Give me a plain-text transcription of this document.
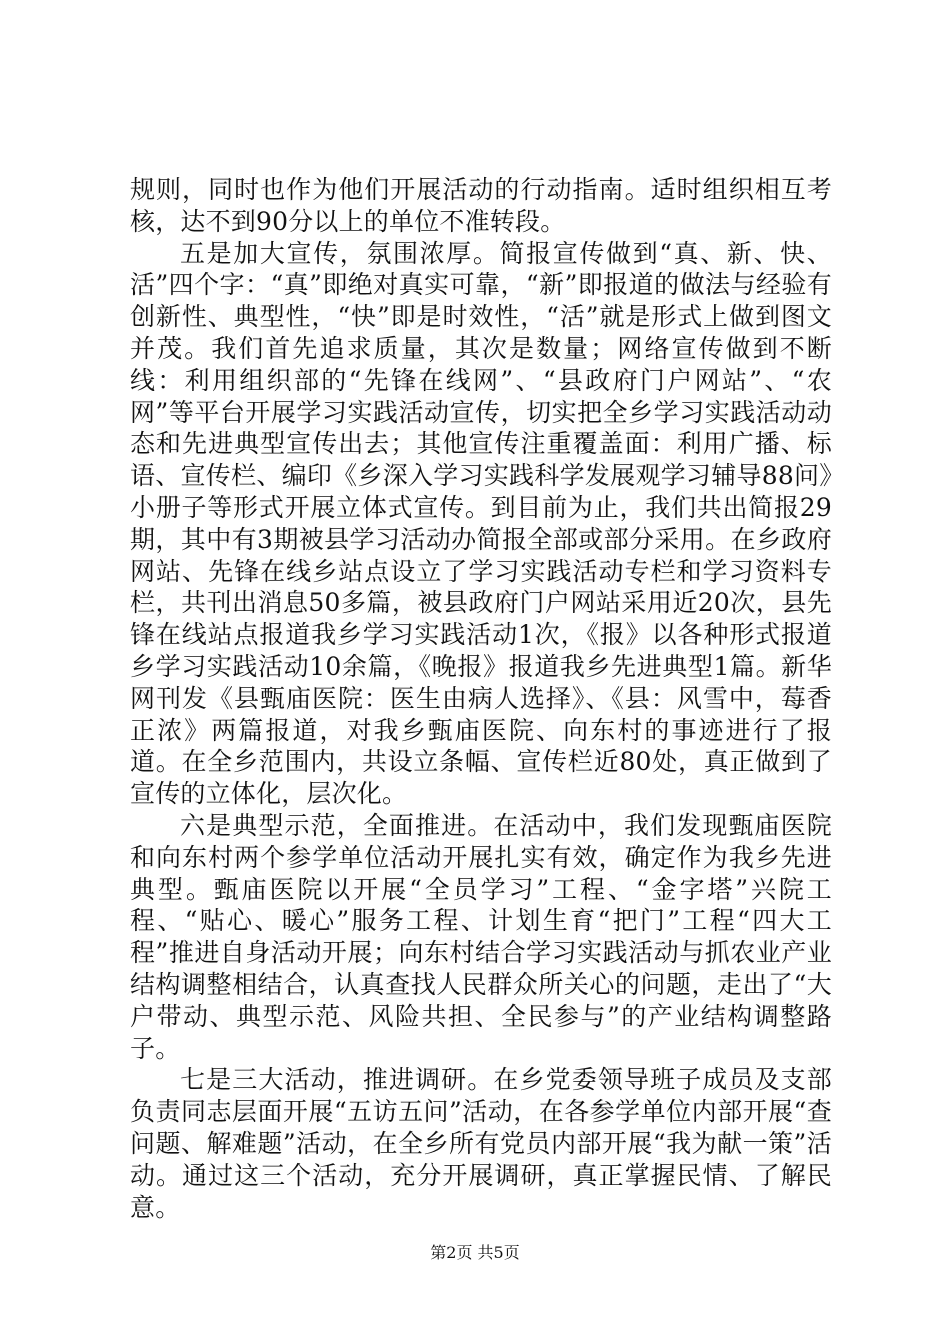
规则，同时也作为他们开展活动的行动指南。适时组织相互考核，达不到90分以上的单位不准转段。

五是加大宣传，氛围浓厚。简报宣传做到“真、新、快、活”四个字：“真”即绝对真实可靠，“新”即报道的做法与经验有创新性、典型性，“快”即是时效性，“活”就是形式上做到图文并茂。我们首先追求质量，其次是数量；网络宣传做到不断线：利用组织部的“先锋在线网”、“县政府门户网站”、“农网”等平台开展学习实践活动宣传，切实把全乡学习实践活动动态和先进典型宣传出去；其他宣传注重覆盖面：利用广播、标语、宣传栏、编印《乡深入学习实践科学发展观学习辅导88问》小册子等形式开展立体式宣传。到目前为止，我们共出简报29期，其中有3期被县学习活动办简报全部或部分采用。在乡政府网站、先锋在线乡站点设立了学习实践活动专栏和学习资料专栏，共刊出消息50多篇，被县政府门户网站采用近20次，县先锋在线站点报道我乡学习实践活动1次，《报》以各种形式报道乡学习实践活动10余篇，《晚报》报道我乡先进典型1篇。新华网刊发《县甄庙医院：医生由病人选择》、《县：风雪中，莓香正浓》两篇报道，对我乡甄庙医院、向东村的事迹进行了报道。在全乡范围内，共设立条幅、宣传栏近80处，真正做到了宣传的立体化，层次化。

六是典型示范，全面推进。在活动中，我们发现甄庙医院和向东村两个参学单位活动开展扎实有效，确定作为我乡先进典型。甄庙医院以开展“全员学习”工程、“金字塔”兴院工程、“贴心、暖心”服务工程、计划生育“把门”工程“四大工程”推进自身活动开展；向东村结合学习实践活动与抓农业产业结构调整相结合，认真查找人民群众所关心的问题，走出了“大户带动、典型示范、风险共担、全民参与”的产业结构调整路子。

七是三大活动，推进调研。在乡党委领导班子成员及支部负责同志层面开展“五访五问”活动，在各参学单位内部开展“查问题、解难题”活动，在全乡所有党员内部开展“我为献一策”活动。通过这三个活动，充分开展调研，真正掌握民情、了解民意。

第2页 共5页
